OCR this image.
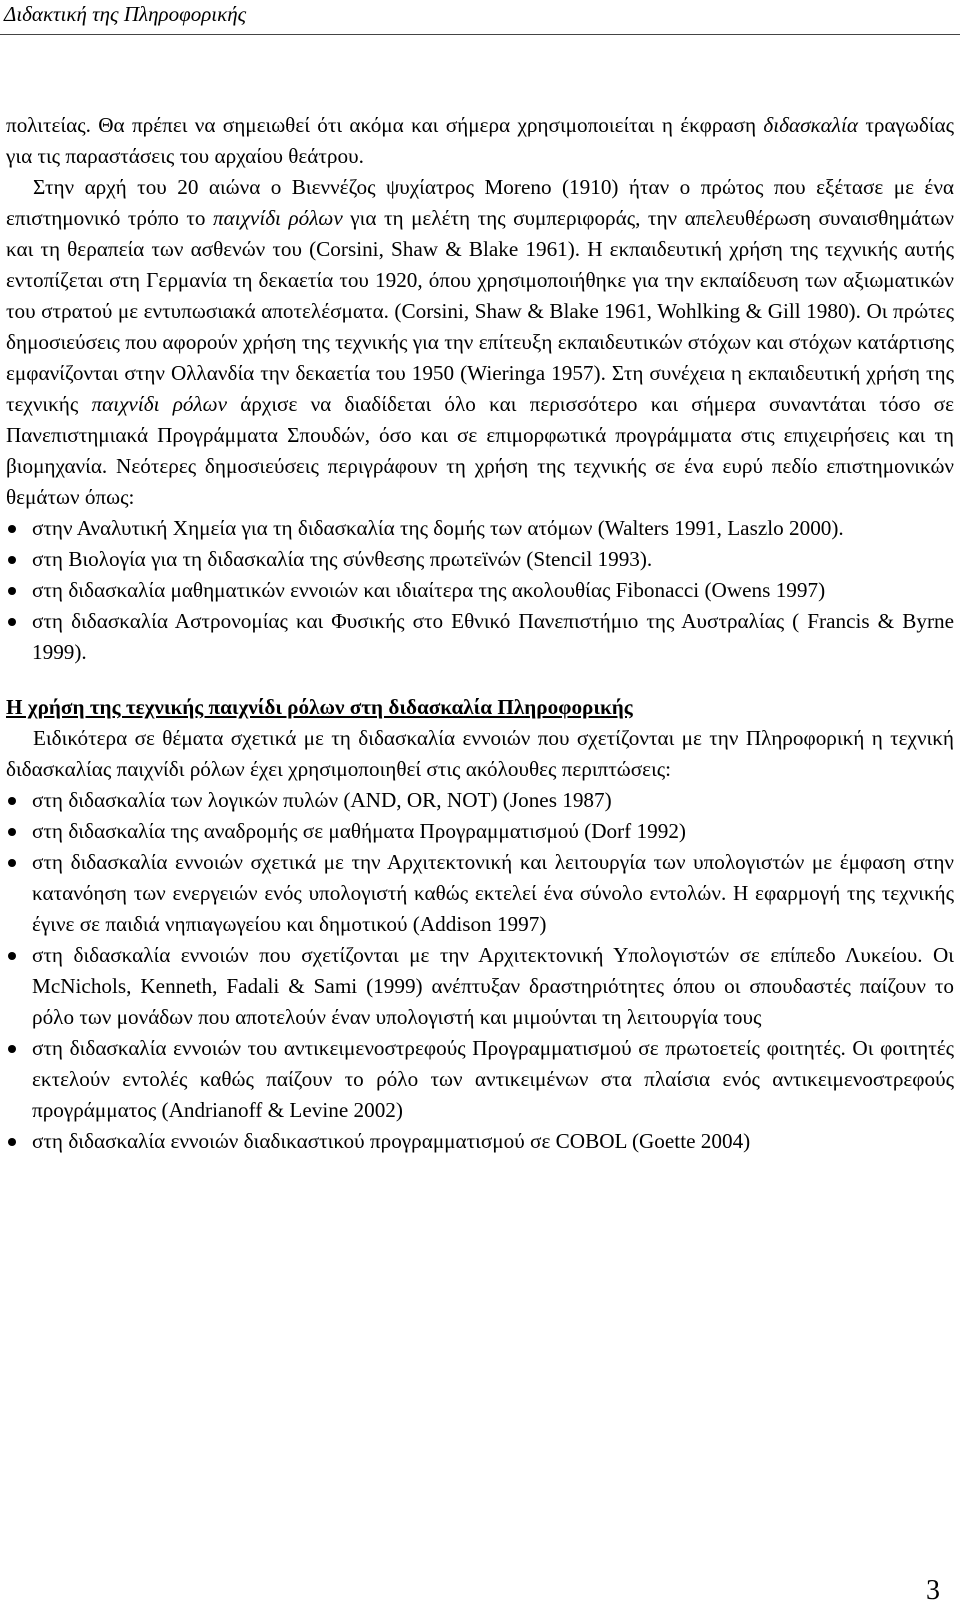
Διδακτική της Πληροφορικής

πολιτείας. Θα πρέπει να σημειωθεί ότι ακόμα και σήμερα χρησιμοποιείται η έκφραση διδασκαλία τραγωδίας για τις παραστάσεις του αρχαίου θεάτρου.

Στην αρχή του 20 αιώνα ο Βιεννέζος ψυχίατρος Moreno (1910) ήταν ο πρώτος που εξέτασε με ένα επιστημονικό τρόπο το παιχνίδι ρόλων για τη μελέτη της συμπεριφοράς, την απελευθέρωση συναισθημάτων και τη θεραπεία των ασθενών του (Corsini, Shaw & Blake 1961). Η εκπαιδευτική χρήση της τεχνικής αυτής εντοπίζεται στη Γερμανία τη δεκαετία του 1920, όπου χρησιμοποιήθηκε για την εκπαίδευση των αξιωματικών του στρατού με εντυπωσιακά αποτελέσματα. (Corsini, Shaw & Blake 1961, Wohlking & Gill 1980). Οι πρώτες δημοσιεύσεις που αφορούν χρήση της τεχνικής για την επίτευξη εκπαιδευτικών στόχων και στόχων κατάρτισης εμφανίζονται στην Ολλανδία την δεκαετία του 1950 (Wieringa 1957). Στη συνέχεια η εκπαιδευτική χρήση της τεχνικής παιχνίδι ρόλων άρχισε να διαδίδεται όλο και περισσότερο και σήμερα συναντάται τόσο σε Πανεπιστημιακά Προγράμματα Σπουδών, όσο και σε επιμορφωτικά προγράμματα στις επιχειρήσεις και τη βιομηχανία. Νεότερες δημοσιεύσεις περιγράφουν τη χρήση της τεχνικής σε ένα ευρύ πεδίο επιστημονικών θεμάτων όπως:

στην Αναλυτική Χημεία για τη διδασκαλία της δομής των ατόμων (Walters 1991, Laszlo 2000).
στη Βιολογία για τη διδασκαλία της σύνθεσης πρωτεϊνών (Stencil 1993).
στη διδασκαλία μαθηματικών εννοιών και ιδιαίτερα της ακολουθίας Fibonacci (Owens 1997)
στη διδασκαλία Αστρονομίας και Φυσικής στο Εθνικό Πανεπιστήμιο της Αυστραλίας ( Francis & Byrne 1999).
Η χρήση της τεχνικής παιχνίδι ρόλων στη διδασκαλία Πληροφορικής

Ειδικότερα σε θέματα σχετικά με τη διδασκαλία εννοιών που σχετίζονται με την Πληροφορική η τεχνική διδασκαλίας παιχνίδι ρόλων έχει χρησιμοποιηθεί στις ακόλουθες περιπτώσεις:

στη διδασκαλία των λογικών πυλών (AND, OR, NOT) (Jones 1987)
στη διδασκαλία της αναδρομής σε μαθήματα Προγραμματισμού (Dorf 1992)
στη διδασκαλία εννοιών σχετικά με την Αρχιτεκτονική και λειτουργία των υπολογιστών με έμφαση στην κατανόηση των ενεργειών ενός υπολογιστή καθώς εκτελεί ένα σύνολο εντολών. Η εφαρμογή της τεχνικής έγινε σε παιδιά νηπιαγωγείου και δημοτικού (Addison 1997)
στη διδασκαλία εννοιών που σχετίζονται με την Αρχιτεκτονική Υπολογιστών σε επίπεδο Λυκείου. Οι McNichols, Kenneth, Fadali & Sami (1999) ανέπτυξαν δραστηριότητες όπου οι σπουδαστές παίζουν το ρόλο των μονάδων που αποτελούν έναν υπολογιστή και μιμούνται τη λειτουργία τους
στη διδασκαλία εννοιών του αντικειμενοστρεφούς Προγραμματισμού σε πρωτοετείς φοιτητές. Οι φοιτητές εκτελούν εντολές καθώς παίζουν το ρόλο των αντικειμένων στα πλαίσια ενός αντικειμενοστρεφούς προγράμματος (Andrianoff & Levine 2002)
στη διδασκαλία εννοιών διαδικαστικού προγραμματισμού σε COBOL (Goette 2004)
3
